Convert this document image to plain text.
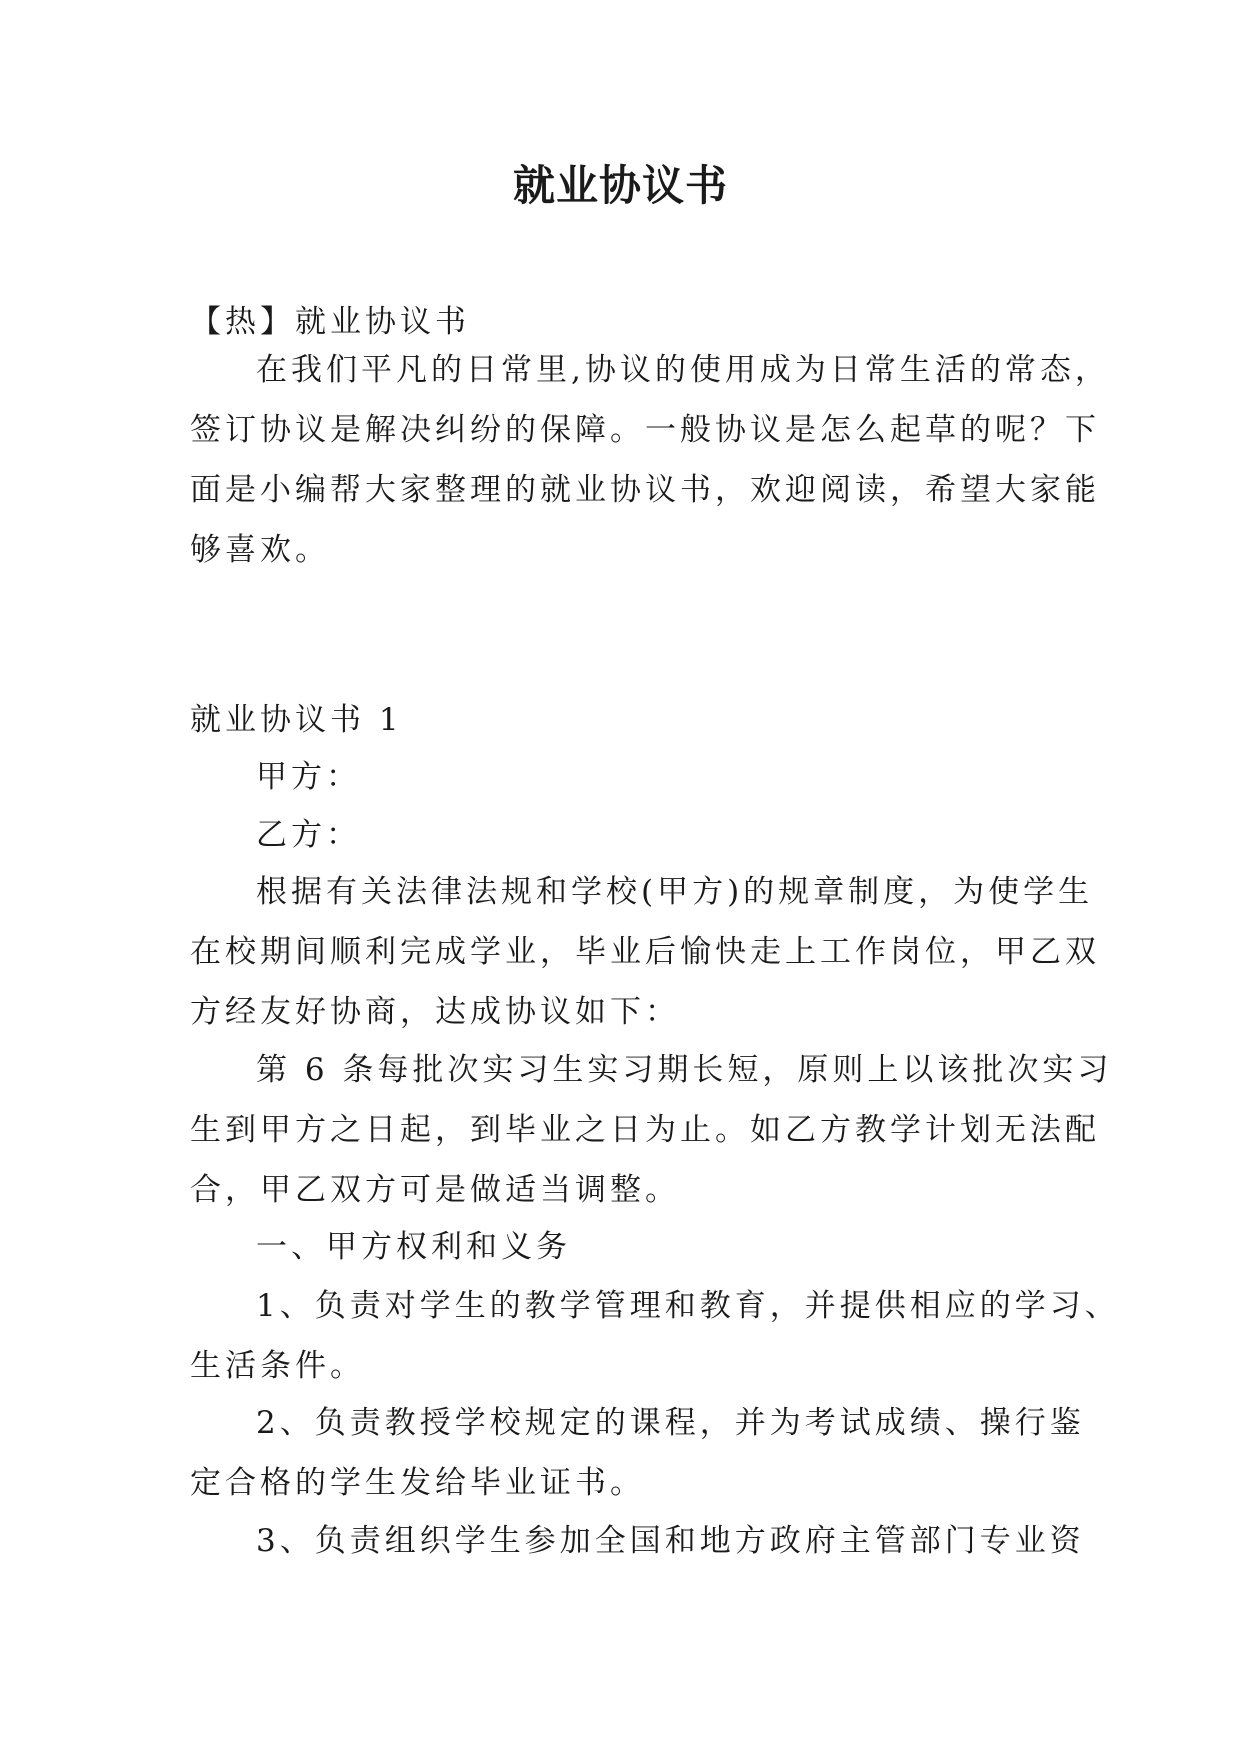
就业协议书
【热】就业协议书
在我们平凡的日常里,协议的使用成为日常生活的常态，
签订协议是解决纠纷的保障。一般协议是怎么起草的呢？下
面是小编帮大家整理的就业协议书，欢迎阅读，希望大家能
够喜欢。
就业协议书 1
甲方：
乙方：
根据有关法律法规和学校(甲方)的规章制度，为使学生
在校期间顺利完成学业，毕业后愉快走上工作岗位，甲乙双
方经友好协商，达成协议如下：
第 6 条每批次实习生实习期长短，原则上以该批次实习
生到甲方之日起，到毕业之日为止。如乙方教学计划无法配
合，甲乙双方可是做适当调整。
一、甲方权利和义务
1、负责对学生的教学管理和教育，并提供相应的学习、
生活条件。
2、负责教授学校规定的课程，并为考试成绩、操行鉴
定合格的学生发给毕业证书。
3、负责组织学生参加全国和地方政府主管部门专业资
